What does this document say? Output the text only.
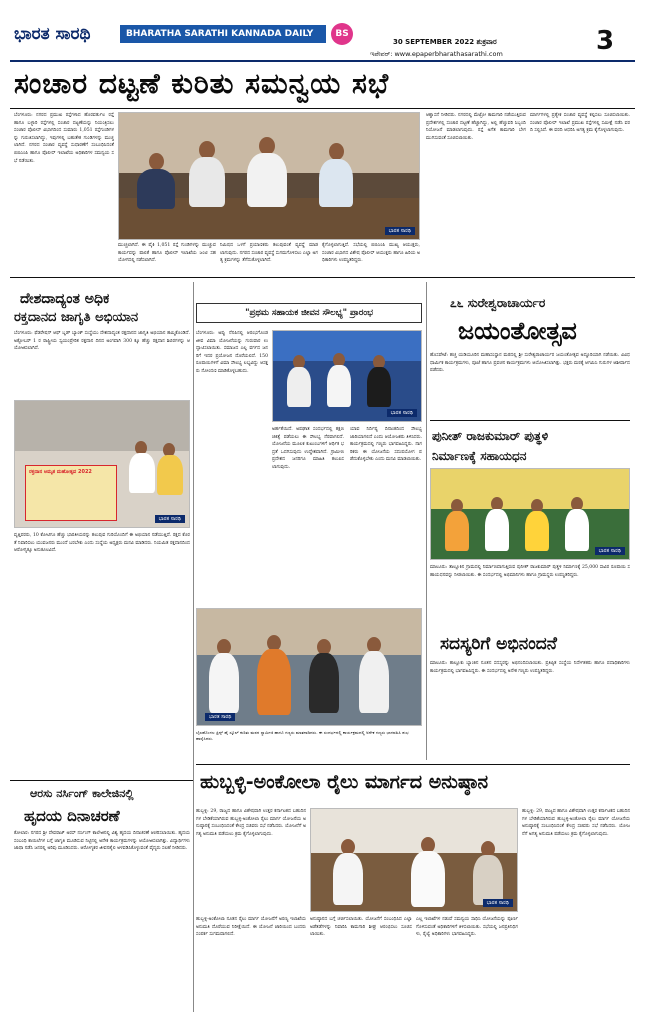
ಭಾರತ ಸಾರಥಿ	BHARATHA SARATHI KANNADA DAILY	BS
30 SEPTEMBER 2022 ಶುಕ್ರವಾರ	3
ಇಪೇಪರ್: www.epaperbharathasarathi.com
ಸಂಚಾರ ದಟ್ಟಣೆ ಕುರಿತು ಸಮನ್ವಯ ಸಭೆ
ಬೆಂಗಳೂರು: ನಗರದ ಪ್ರಮುಖ ರಸ್ತೆಗಳಾದ ಹೊರವರ್ತುಲ ರಸ್ತೆ ಹಾಗೂ ಬಳ್ಳಾರಿ ರಸ್ತೆಗಳಲ್ಲಿ ಸಂಚಾರ ದಟ್ಟಣೆಯನ್ನು ನಿಯಂತ್ರಿಸಲು ಸಂಚಾರ ಪೊಲೀಸ್ ವಿಭಾಗದಿಂದ ಸುಮಾರು 1,051 ರಸ್ತೆಗುಂಡಿಗಳನ್ನು ಗುರುತಿಸಲಾಗಿದ್ದು, ಇವುಗಳಲ್ಲಿ ಬಹುತೇಕ ಗುಂಡಿಗಳನ್ನು ಮುಚ್ಚಲಾಗಿದೆ. ನಗರದ ಸಂಚಾರ ವ್ಯವಸ್ಥೆ ಸುಧಾರಣೆಗೆ ಸಂಬಂಧಿಸಿದಂತೆ ಬಿಬಿಎಂಪಿ ಹಾಗೂ ಪೊಲೀಸ್ ಇಲಾಖೆಯ ಅಧಿಕಾರಿಗಳ ಸಮನ್ವಯ ಸಭೆ ನಡೆಯಿತು.
ಭಾರತ ಸಾರಥಿ
ಮುಚ್ಚಲಾಗಿದೆ. ಈ ಪೈಕಿ 1,051 ರಸ್ತೆ ಗುಂಡಿಗಳನ್ನು ಮುಚ್ಚುವ ಕಾರ್ಯವನ್ನು ಪಾಲಿಕೆ ಹಾಗೂ ಪೊಲೀಸ್ ಇಲಾಖೆಯ ಜಂಟಿ ಸಹಯೋಗದಲ್ಲಿ ನಡೆಸಲಾಗಿದೆ.
ನಿಮಿಷದ ಒಳಗೆ ಪ್ರಯಾಣಿಕರು ತಲುಪುವಂತೆ ವ್ಯವಸ್ಥೆ ಮಾಡಲಾಗುವುದು. ನಗರದ ಸಂಚಾರ ವ್ಯವಸ್ಥೆ ಸುಗಮಗೊಳಿಸಲು ಎಲ್ಲಾ ಅಗತ್ಯ ಕ್ರಮಗಳನ್ನು ತೆಗೆದುಕೊಳ್ಳಲಾಗಿದೆ.
ಕೈಗೊಳ್ಳಲಾಗುತ್ತಿದೆ. ಸಭೆಯಲ್ಲಿ ಬಿಬಿಎಂಪಿ ಮುಖ್ಯ ಆಯುಕ್ತರು, ಸಂಚಾರ ವಿಭಾಗದ ವಿಶೇಷ ಪೊಲೀಸ್ ಆಯುಕ್ತರು ಹಾಗೂ ಹಿರಿಯ ಅಧಿಕಾರಿಗಳು ಉಪಸ್ಥಿತರಿದ್ದರು.
ಆಶ್ವಾಸನೆ ನೀಡಿದರು. ನಗರದಲ್ಲಿ ಮೆಟ್ರೋ ಕಾಮಗಾರಿ ನಡೆಯುತ್ತಿರುವ ಪ್ರದೇಶಗಳಲ್ಲಿ ಸಂಚಾರ ದಟ್ಟಣೆ ಹೆಚ್ಚಾಗಿದ್ದು, ಅಲ್ಲಿ ಹೆಚ್ಚುವರಿ ಸಿಬ್ಬಂದಿ ನಿಯೋಜನೆ ಮಾಡಲಾಗುವುದು. ರಸ್ತೆ ಅಗೆತ ಕಾಮಗಾರಿ ಬೇಗ ಮುಗಿಸುವಂತೆ ಸೂಚಿಸಲಾಯಿತು.
ಮಾರ್ಗಗಳಲ್ಲಿ ಪ್ರತ್ಯೇಕ ಸಂಚಾರ ವ್ಯವಸ್ಥೆ ಕಲ್ಪಿಸಲು ಸೂಚಿಸಲಾಯಿತು. ಸಂಚಾರ ಪೊಲೀಸ್ ಇಲಾಖೆ ಪ್ರಮುಖ ರಸ್ತೆಗಳಲ್ಲಿ ಸಮೀಕ್ಷೆ ನಡೆಸಿ ವರದಿ ಸಲ್ಲಿಸಿದೆ. ಈ ವರದಿ ಆಧರಿಸಿ ಅಗತ್ಯ ಕ್ರಮ ಕೈಗೊಳ್ಳಲಾಗುವುದು.
ದೇಶದಾದ್ಯಂತ ಅಧಿಕ
ರಕ್ತದಾನದ ಜಾಗೃತಿ ಅಭಿಯಾನ
ಬೆಂಗಳೂರು: ಫೆಡರೇಷನ್ ಆಫ್ ಬ್ಲಡ್ ಬ್ಯಾಂಕ್ ಸಂಸ್ಥೆಯು ದೇಶದಾದ್ಯಂತ ರಕ್ತದಾನದ ಜಾಗೃತಿ ಅಭಿಯಾನ ಹಮ್ಮಿಕೊಂಡಿದೆ. ಅಕ್ಟೋಬರ್ 1 ರ ರಾಷ್ಟ್ರೀಯ ಸ್ವಯಂಪ್ರೇರಿತ ರಕ್ತದಾನ ದಿನದ ಅಂಗವಾಗಿ 300 ಕ್ಕೂ ಹೆಚ್ಚು ರಕ್ತದಾನ ಶಿಬಿರಗಳನ್ನು ಆಯೋಜಿಸಲಾಗಿದೆ.
ರಕ್ತದಾನ ಅಮೃತ ಮಹೋತ್ಸವ 2022
ಭಾರತ ಸಾರಥಿ
ವೃತ್ತಿಪರರು, 10 ಕೋಟಿಗೂ ಹೆಚ್ಚು ಭಾರತೀಯರನ್ನು ತಲುಪುವ ಗುರಿಯೊಂದಿಗೆ ಈ ಅಭಿಯಾನ ನಡೆಯುತ್ತಿದೆ. ರಕ್ತದ ಕೊರತೆ ನಿವಾರಿಸಲು ಯುವಜನರು ಮುಂದೆ ಬರಬೇಕು ಎಂದು ಸಂಸ್ಥೆಯ ಅಧ್ಯಕ್ಷರು ಮನವಿ ಮಾಡಿದರು. ನಿಯಮಿತ ರಕ್ತದಾನದಿಂದ ಆರೋಗ್ಯಕ್ಕೂ ಅನುಕೂಲವಿದೆ.
"ಪ್ರಥಮ ಸಹಾಯಕ ಜೀವನ ಸೌಲಭ್ಯ" ಪ್ರಾರಂಭ
ಬೆಂಗಳೂರು: ಅಪ್ಪು ನೆನಪಿನಲ್ಲಿ ಆರಂಭಗೊಂಡ ಜೀವ ವಿಮಾ ಯೋಜನೆಯನ್ನು ಗುರುವಾರ ಉದ್ಘಾಟಿಸಲಾಯಿತು. ಸಮಾಜದ ಎಲ್ಲ ವರ್ಗದ ಜನರಿಗೆ ಇದರ ಪ್ರಯೋಜನ ದೊರೆಯಲಿದೆ. 150 ರೂಪಾಯಿಗಳಿಗೆ ವಿಮಾ ಸೌಲಭ್ಯ ಲಭ್ಯವಿದ್ದು ಆಸಕ್ತರು ನೋಂದಣಿ ಮಾಡಿಕೊಳ್ಳಬಹುದು.
ಭಾರತ ಸಾರಥಿ
ಅರ್ಹತೆಯಿದೆ. ಅಪಘಾತ ಸಂದರ್ಭದಲ್ಲಿ ತಕ್ಷಣ ಚಿಕಿತ್ಸೆ ಪಡೆಯಲು ಈ ಸೌಲಭ್ಯ ನೆರವಾಗಲಿದೆ. ಯೋಜನೆಯ ಮೂಲಕ ಕುಟುಂಬಗಳಿಗೆ ಆರ್ಥಿಕ ಭದ್ರತೆ ಒದಗಿಸುವುದು ಉದ್ದೇಶವಾಗಿದೆ. ಗ್ರಾಮೀಣ ಪ್ರದೇಶದ ಜನರಿಗೂ ಮಾಹಿತಿ ತಲುಪಿಸಲಾಗುವುದು.
ಯಾವ ನಿರ್ದಿಷ್ಟ ದಿನಾಂಕದಿಂದ ಸೌಲಭ್ಯ ಜಾರಿಯಾಗಲಿದೆ ಎಂದು ಆಯೋಜಕರು ತಿಳಿಸಿದರು. ಕಾರ್ಯಕ್ರಮದಲ್ಲಿ ಗಣ್ಯರು ಭಾಗವಹಿಸಿದ್ದರು. ನಾಗರಿಕರು ಈ ಯೋಜನೆಯ ಸದುಪಯೋಗ ಪಡೆದುಕೊಳ್ಳಬೇಕು ಎಂದು ಮನವಿ ಮಾಡಲಾಯಿತು.
೭೬ ಸುರೇಶ್ವರಾಚಾರ್ಯರ
ಜಯಂತೋತ್ಸವ
ಹೊಸಪೇಟೆ: ಹಚ್ಚ ಯಡಿಯೂರಿನ ಮಹಾಸಂಸ್ಥಾನ ಮಠದಲ್ಲಿ ಶ್ರೀ ಸುರೇಶ್ವರಾಚಾರ್ಯರ ಜಯಂತೋತ್ಸವ ಅದ್ಧೂರಿಯಾಗಿ ನಡೆಯಿತು. ವಿವಿಧ ಧಾರ್ಮಿಕ ಕಾರ್ಯಕ್ರಮಗಳು, ಪೂಜೆ ಹಾಗೂ ಪ್ರವಚನ ಕಾರ್ಯಕ್ರಮಗಳು ಆಯೋಜಿಸಲಾಗಿತ್ತು. ಭಕ್ತರು ಮಠಕ್ಕೆ ಆಗಮಿಸಿ ಗುರುಗಳ ಆಶೀರ್ವಾದ ಪಡೆದರು.
ಪುನೀತ್ ರಾಜಕುಮಾರ್ ಪುತ್ಥಳಿ
ನಿರ್ಮಾಣಕ್ಕೆ ಸಹಾಯಧನ
ಭಾರತ ಸಾರಥಿ
ಮಾಲೂರು: ತಾಲ್ಲೂಕಿನ ಗ್ರಾಮದಲ್ಲಿ ನಿರ್ಮಾಣವಾಗುತ್ತಿರುವ ಪುನೀತ್ ರಾಜಕುಮಾರ್ ಪುತ್ಥಳಿ ನಿರ್ಮಾಣಕ್ಕೆ 25,000 ಸಾವಿರ ರೂಪಾಯಿ ಸಹಾಯಧನವನ್ನು ನೀಡಲಾಯಿತು. ಈ ಸಂದರ್ಭದಲ್ಲಿ ಅಭಿಮಾನಿಗಳು ಹಾಗೂ ಗ್ರಾಮಸ್ಥರು ಉಪಸ್ಥಿತರಿದ್ದರು.
ಭಾರತ ಸಾರಥಿ
ಬೈಲಹೊಂಗಲ ಪ್ರಿನ್ಸ್ ಹೈ ಸ್ಕೂಲ್ ಕುರಿತು ಮಠದ ಸ್ವಾಮೀಜಿ ಹಾಗೂ ಗಣ್ಯರು ಮಾತನಾಡಿದರು. ಈ ಸಂದರ್ಭದಲ್ಲಿ ಕಾರ್ಯಕ್ರಮದಲ್ಲಿ ಅನೇಕ ಗಣ್ಯರು ಭಾಗವಹಿಸಿ ಶುಭ ಹಾರೈಸಿದರು.
ಸದಸ್ಯರಿಗೆ ಅಭಿನಂದನೆ
ಮಾಲೂರು: ತಾಲ್ಲೂಕು ಬ್ಯಾಂಕಿನ ನೂತನ ಸದಸ್ಯರನ್ನು ಅಭಿನಂದಿಸಲಾಯಿತು. ಪ್ರತಿಷ್ಠಿತ ಸಂಸ್ಥೆಯ ನಿರ್ದೇಶಕರು ಹಾಗೂ ಪದಾಧಿಕಾರಿಗಳು ಕಾರ್ಯಕ್ರಮದಲ್ಲಿ ಭಾಗವಹಿಸಿದ್ದರು. ಈ ಸಂದರ್ಭದಲ್ಲಿ ಅನೇಕ ಗಣ್ಯರು ಉಪಸ್ಥಿತರಿದ್ದರು.
ಆರಸು ನರ್ಸಿಂಗ್ ಕಾಲೇಜಿನಲ್ಲಿ
ಹೃದಯ ದಿನಾಚರಣೆ
ಕೋಲಾರ: ನಗರದ ಶ್ರೀ ದೇವರಾಜ್ ಅರಸ್ ನರ್ಸಿಂಗ್ ಕಾಲೇಜಿನಲ್ಲಿ ವಿಶ್ವ ಹೃದಯ ದಿನಾಚರಣೆ ಆಚರಿಸಲಾಯಿತು. ಹೃದಯ ಸಂಬಂಧಿ ಕಾಯಿಲೆಗಳ ಬಗ್ಗೆ ಜಾಗೃತಿ ಮೂಡಿಸುವ ನಿಟ್ಟಿನಲ್ಲಿ ಅನೇಕ ಕಾರ್ಯಕ್ರಮಗಳನ್ನು ಆಯೋಜಿಸಲಾಗಿತ್ತು. ವಿದ್ಯಾರ್ಥಿಗಳು ಜಾಥಾ ನಡೆಸಿ ಜನರಲ್ಲಿ ಅರಿವು ಮೂಡಿಸಿದರು. ಆರೋಗ್ಯಕರ ಜೀವನಶೈಲಿ ಅಳವಡಿಸಿಕೊಳ್ಳುವಂತೆ ವೈದ್ಯರು ಸಲಹೆ ನೀಡಿದರು.
ಹುಬ್ಬಳ್ಳಿ-ಅಂಕೋಲಾ ರೈಲು ಮಾರ್ಗದ ಅನುಷ್ಠಾನ
ಹುಬ್ಬಳ್ಳಿ: 29, ರಾಜ್ಯದ ಹಾಗೂ ವಿಶೇಷವಾಗಿ ಉತ್ತರ ಕರ್ನಾಟಕದ ಬಹುದಿನಗಳ ಬೇಡಿಕೆಯಾಗಿರುವ ಹುಬ್ಬಳ್ಳಿ-ಅಂಕೋಲಾ ರೈಲು ಮಾರ್ಗ ಯೋಜನೆಯ ಅನುಷ್ಠಾನಕ್ಕೆ ಸಂಬಂಧಿಸಿದಂತೆ ಕೇಂದ್ರ ಸಚಿವರು ಸಭೆ ನಡೆಸಿದರು. ಯೋಜನೆಗೆ ಅಗತ್ಯ ಅನುಮತಿ ಪಡೆಯಲು ಕ್ರಮ ಕೈಗೊಳ್ಳಲಾಗುವುದು.
ಭಾರತ ಸಾರಥಿ
ಹುಬ್ಬಳ್ಳಿ-ಅಂಕೋಲಾ ನೂತನ ರೈಲು ಮಾರ್ಗ ಯೋಜನೆಗೆ ಅರಣ್ಯ ಇಲಾಖೆಯ ಅನುಮತಿ ದೊರೆಯುವ ನಿರೀಕ್ಷೆಯಿದೆ. ಈ ಯೋಜನೆ ಜಾರಿಯಿಂದ ಬಂದರು ಸಂಪರ್ಕ ಸುಗಮವಾಗಲಿದೆ.
ಅನುಷ್ಠಾನದ ಬಗ್ಗೆ ಚರ್ಚಿಸಲಾಯಿತು. ಯೋಜನೆಗೆ ಸಂಬಂಧಿಸಿದ ಎಲ್ಲಾ ಅಡೆತಡೆಗಳನ್ನು ನಿವಾರಿಸಿ ಕಾಮಗಾರಿ ಶೀಘ್ರ ಆರಂಭಿಸಲು ಸೂಚಿಸಲಾಯಿತು.
ಎಲ್ಲ ಇಲಾಖೆಗಳ ನಡುವೆ ಸಮನ್ವಯ ಸಾಧಿಸಿ ಯೋಜನೆಯನ್ನು ಪೂರ್ಣಗೊಳಿಸುವಂತೆ ಅಧಿಕಾರಿಗಳಿಗೆ ತಿಳಿಸಲಾಯಿತು. ಸಭೆಯಲ್ಲಿ ಜನಪ್ರತಿನಿಧಿಗಳು, ರೈಲ್ವೆ ಅಧಿಕಾರಿಗಳು ಭಾಗವಹಿಸಿದ್ದರು.
ಹುಬ್ಬಳ್ಳಿ: 29, ರಾಜ್ಯದ ಹಾಗೂ ವಿಶೇಷವಾಗಿ ಉತ್ತರ ಕರ್ನಾಟಕದ ಬಹುದಿನಗಳ ಬೇಡಿಕೆಯಾಗಿರುವ ಹುಬ್ಬಳ್ಳಿ-ಅಂಕೋಲಾ ರೈಲು ಮಾರ್ಗ ಯೋಜನೆಯ ಅನುಷ್ಠಾನಕ್ಕೆ ಸಂಬಂಧಿಸಿದಂತೆ ಕೇಂದ್ರ ಸಚಿವರು ಸಭೆ ನಡೆಸಿದರು. ಯೋಜನೆಗೆ ಅಗತ್ಯ ಅನುಮತಿ ಪಡೆಯಲು ಕ್ರಮ ಕೈಗೊಳ್ಳಲಾಗುವುದು.
